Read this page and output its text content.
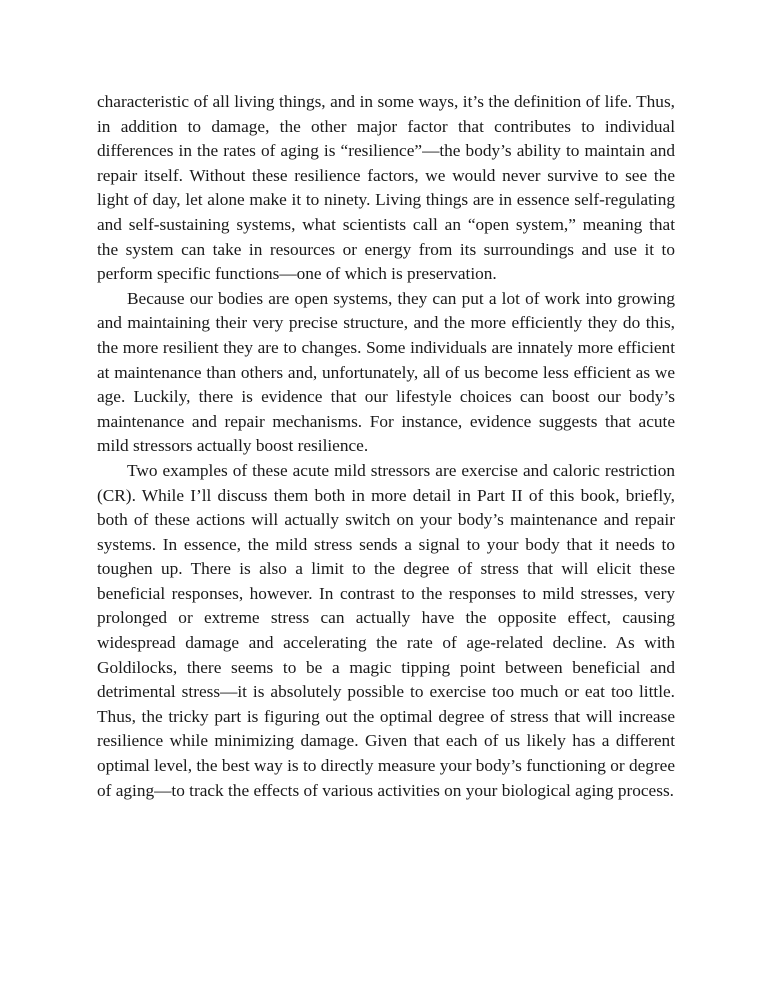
characteristic of all living things, and in some ways, it’s the definition of life. Thus, in addition to damage, the other major factor that contributes to individual differences in the rates of aging is “resilience”—the body’s ability to maintain and repair itself. Without these resilience factors, we would never survive to see the light of day, let alone make it to ninety. Living things are in essence self-regulating and self-sustaining systems, what scientists call an “open system,” meaning that the system can take in resources or energy from its surroundings and use it to perform specific functions—one of which is preservation.

Because our bodies are open systems, they can put a lot of work into growing and maintaining their very precise structure, and the more efficiently they do this, the more resilient they are to changes. Some individuals are innately more efficient at maintenance than others and, unfortunately, all of us become less efficient as we age. Luckily, there is evidence that our lifestyle choices can boost our body’s maintenance and repair mechanisms. For instance, evidence suggests that acute mild stressors actually boost resilience.

Two examples of these acute mild stressors are exercise and caloric restriction (CR). While I’ll discuss them both in more detail in Part II of this book, briefly, both of these actions will actually switch on your body’s maintenance and repair systems. In essence, the mild stress sends a signal to your body that it needs to toughen up. There is also a limit to the degree of stress that will elicit these beneficial responses, however. In contrast to the responses to mild stresses, very prolonged or extreme stress can actually have the opposite effect, causing widespread damage and accelerating the rate of age-related decline. As with Goldilocks, there seems to be a magic tipping point between beneficial and detrimental stress—it is absolutely possible to exercise too much or eat too little. Thus, the tricky part is figuring out the optimal degree of stress that will increase resilience while minimizing damage. Given that each of us likely has a different optimal level, the best way is to directly measure your body’s functioning or degree of aging—to track the effects of various activities on your biological aging process.
